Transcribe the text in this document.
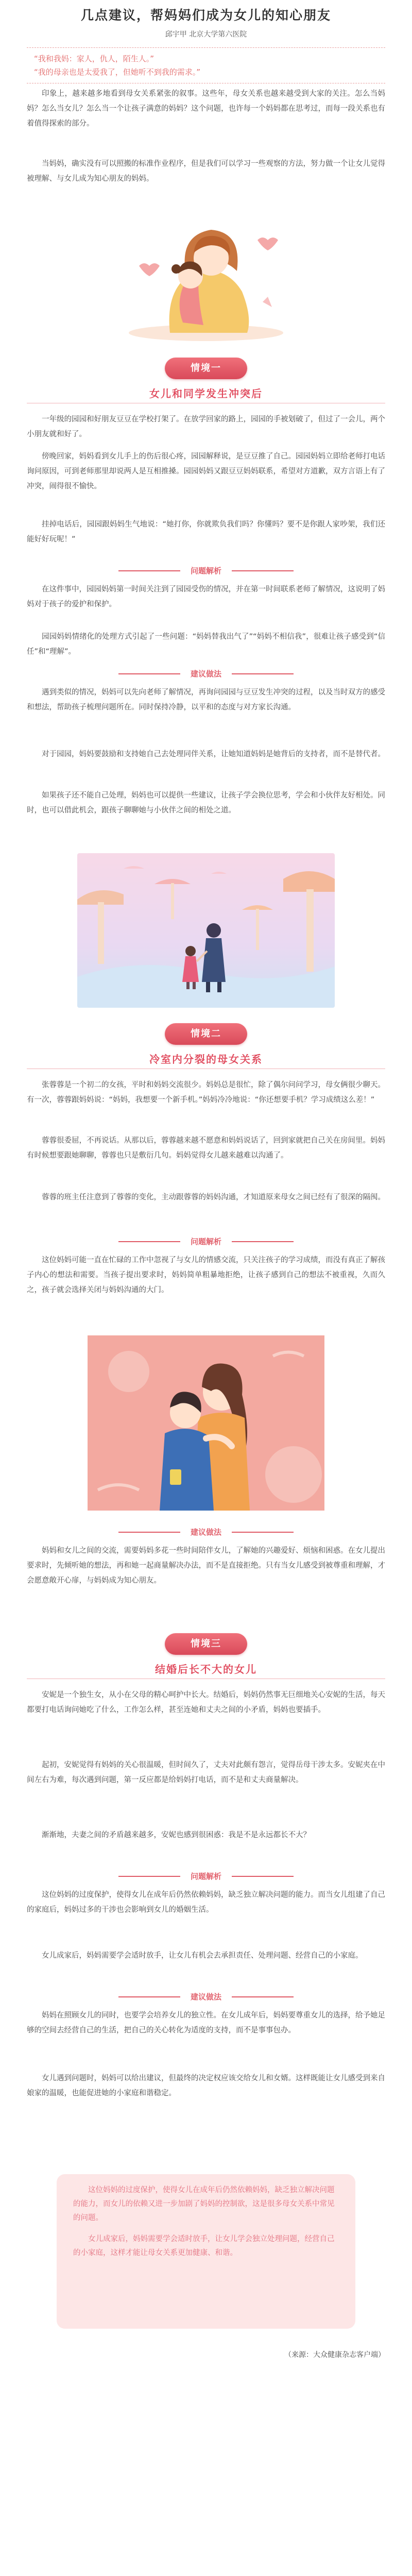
几点建议，帮妈妈们成为女儿的知心朋友
邱宇甲 北京大学第六医院
“我和我妈：家人，仇人，陌生人。”
“我的母亲也是太爱我了，但她听不到我的需求。”

印象上，越来越多地看到母女关系紧张的叙事。这些年，母女关系也越来越受到大家的关注。怎么当妈妈？怎么当女儿？怎么当一个让孩子满意的妈妈？这个问题，也许每一个妈妈都在思考过，而每一段关系也有着值得探索的部分。

当妈妈，确实没有可以照搬的标准作业程序，但是我们可以学习一些观察的方法，努力做一个让女儿觉得被理解、与女儿成为知心朋友的妈妈。

情境一
女儿和同学发生冲突后

一年级的园园和好朋友豆豆在学校打架了。在放学回家的路上，园园的手被划破了，但过了一会儿，两个小朋友就和好了。

傍晚回家，妈妈看到女儿手上的伤后很心疼，园园解释说，是豆豆推了自己。园园妈妈立即给老师打电话询问原因，可到老师那里却说两人是互相推搡。园园妈妈又跟豆豆妈妈联系，希望对方道歉，双方言语上有了冲突，闹得很不愉快。

挂掉电话后，园园跟妈妈生气地说：“她打你，你就欺负我们吗？你懂吗？要不是你跟人家吵架，我们还能好好玩呢！”

问题解析

在这件事中，园园妈妈第一时间关注到了园园受伤的情况，并在第一时间联系老师了解情况，这说明了妈妈对于孩子的爱护和保护。

园园妈妈情绪化的处理方式引起了一些问题：“妈妈替我出气了”“妈妈不相信我”，很难让孩子感受到“信任”和“理解”。

建议做法

遇到类似的情况，妈妈可以先向老师了解情况，再询问园园与豆豆发生冲突的过程，以及当时双方的感受和想法，帮助孩子梳理问题所在。同时保持冷静，以平和的态度与对方家长沟通。

对于园园，妈妈要鼓励和支持她自己去处理同伴关系，让她知道妈妈是她背后的支持者，而不是替代者。

如果孩子还不能自己处理，妈妈也可以提供一些建议，让孩子学会换位思考，学会和小伙伴友好相处。同时，也可以借此机会，跟孩子聊聊她与小伙伴之间的相处之道。

情境二
冷室内分裂的母女关系

张蓉蓉是一个初二的女孩，平时和妈妈交流很少。妈妈总是很忙，除了偶尔问问学习，母女俩很少聊天。有一次，蓉蓉跟妈妈说：“妈妈，我想要一个新手机。”妈妈冷冷地说：“你还想要手机？学习成绩这么差！”

蓉蓉很委屈，不再说话。从那以后，蓉蓉越来越不愿意和妈妈说话了，回到家就把自己关在房间里。妈妈有时候想要跟她聊聊，蓉蓉也只是敷衍几句。妈妈觉得女儿越来越难以沟通了。

蓉蓉的班主任注意到了蓉蓉的变化，主动跟蓉蓉的妈妈沟通，才知道原来母女之间已经有了很深的隔阂。

问题解析

这位妈妈可能一直在忙碌的工作中忽视了与女儿的情感交流，只关注孩子的学习成绩，而没有真正了解孩子内心的想法和需要。当孩子提出要求时，妈妈简单粗暴地拒绝，让孩子感到自己的想法不被重视，久而久之，孩子就会选择关闭与妈妈沟通的大门。

建议做法

妈妈和女儿之间的交流，需要妈妈多花一些时间陪伴女儿，了解她的兴趣爱好、烦恼和困惑。在女儿提出要求时，先倾听她的想法，再和她一起商量解决办法，而不是直接拒绝。只有当女儿感受到被尊重和理解，才会愿意敞开心扉，与妈妈成为知心朋友。

情境三
结婚后长不大的女儿

安妮是一个独生女，从小在父母的精心呵护中长大。结婚后，妈妈仍然事无巨细地关心安妮的生活，每天都要打电话询问她吃了什么，工作怎么样，甚至连她和丈夫之间的小矛盾，妈妈也要插手。

起初，安妮觉得有妈妈的关心很温暖，但时间久了，丈夫对此颇有怨言，觉得岳母干涉太多。安妮夹在中间左右为难，每次遇到问题，第一反应都是给妈妈打电话，而不是和丈夫商量解决。

渐渐地，夫妻之间的矛盾越来越多，安妮也感到很困惑：我是不是永远都长不大？

问题解析

这位妈妈的过度保护，使得女儿在成年后仍然依赖妈妈，缺乏独立解决问题的能力。而当女儿组建了自己的家庭后，妈妈过多的干涉也会影响到女儿的婚姻生活。

女儿成家后，妈妈需要学会适时放手，让女儿有机会去承担责任、处理问题、经营自己的小家庭。

建议做法

妈妈在照顾女儿的同时，也要学会培养女儿的独立性。在女儿成年后，妈妈要尊重女儿的选择，给予她足够的空间去经营自己的生活，把自己的关心转化为适度的支持，而不是事事包办。

女儿遇到问题时，妈妈可以给出建议，但最终的决定权应该交给女儿和女婿。这样既能让女儿感受到来自娘家的温暖，也能促进她的小家庭和谐稳定。

这位妈妈的过度保护，使得女儿在成年后仍然依赖妈妈，缺乏独立解决问题的能力，而女儿的依赖又进一步加剧了妈妈的控制欲，这是很多母女关系中常见的问题。

女儿成家后，妈妈需要学会适时放手，让女儿学会独立处理问题，经营自己的小家庭，这样才能让母女关系更加健康、和谐。

（来源：大众健康杂志客户端）
